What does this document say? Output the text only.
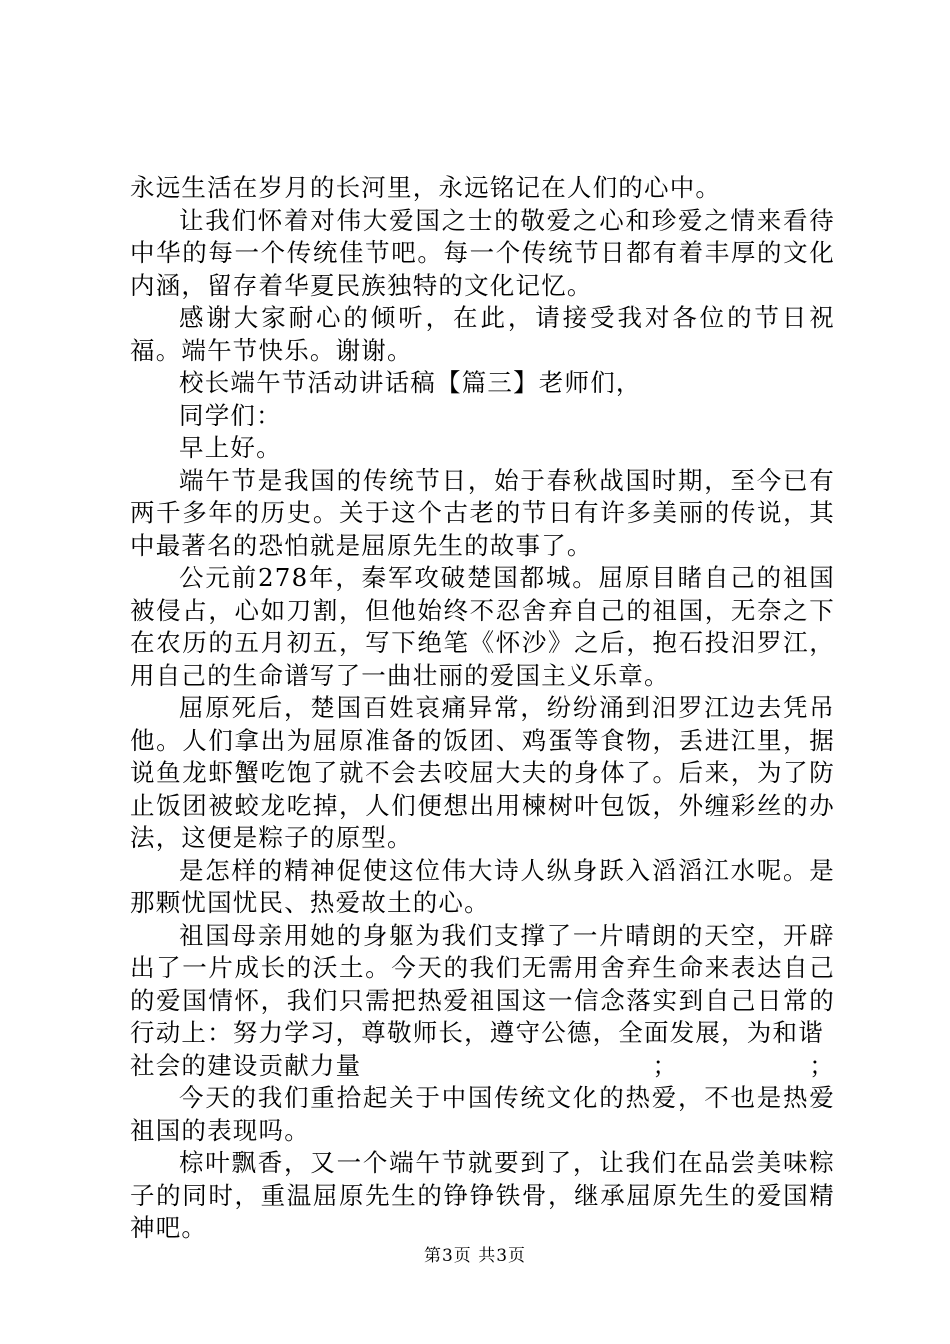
永远生活在岁月的长河里，永远铭记在人们的心中。

让我们怀着对伟大爱国之士的敬爱之心和珍爱之情来看待中华的每一个传统佳节吧。每一个传统节日都有着丰厚的文化内涵，留存着华夏民族独特的文化记忆。

感谢大家耐心的倾听，在此，请接受我对各位的节日祝福。端午节快乐。谢谢。

校长端午节活动讲话稿【篇三】老师们，

同学们：

早上好。

端午节是我国的传统节日，始于春秋战国时期，至今已有两千多年的历史。关于这个古老的节日有许多美丽的传说，其中最著名的恐怕就是屈原先生的故事了。

公元前278年，秦军攻破楚国都城。屈原目睹自己的祖国被侵占，心如刀割，但他始终不忍舍弃自己的祖国，无奈之下在农历的五月初五，写下绝笔《怀沙》之后，抱石投汨罗江，用自己的生命谱写了一曲壮丽的爱国主义乐章。

屈原死后，楚国百姓哀痛异常，纷纷涌到汨罗江边去凭吊他。人们拿出为屈原准备的饭团、鸡蛋等食物，丢进江里，据说鱼龙虾蟹吃饱了就不会去咬屈大夫的身体了。后来，为了防止饭团被蛟龙吃掉，人们便想出用楝树叶包饭，外缠彩丝的办法，这便是粽子的原型。

是怎样的精神促使这位伟大诗人纵身跃入滔滔江水呢。是那颗忧国忧民、热爱故土的心。

祖国母亲用她的身躯为我们支撑了一片晴朗的天空，开辟出了一片成长的沃土。今天的我们无需用舍弃生命来表达自己的爱国情怀，我们只需把热爱祖国这一信念落实到自己日常的行动上：努力学习，尊敬师长，遵守公德，全面发展，为和谐

社会的建设贡献力量	；	；

今天的我们重拾起关于中国传统文化的热爱，不也是热爱祖国的表现吗。

棕叶飘香，又一个端午节就要到了，让我们在品尝美味粽子的同时，重温屈原先生的铮铮铁骨，继承屈原先生的爱国精神吧。

第3页 共3页
